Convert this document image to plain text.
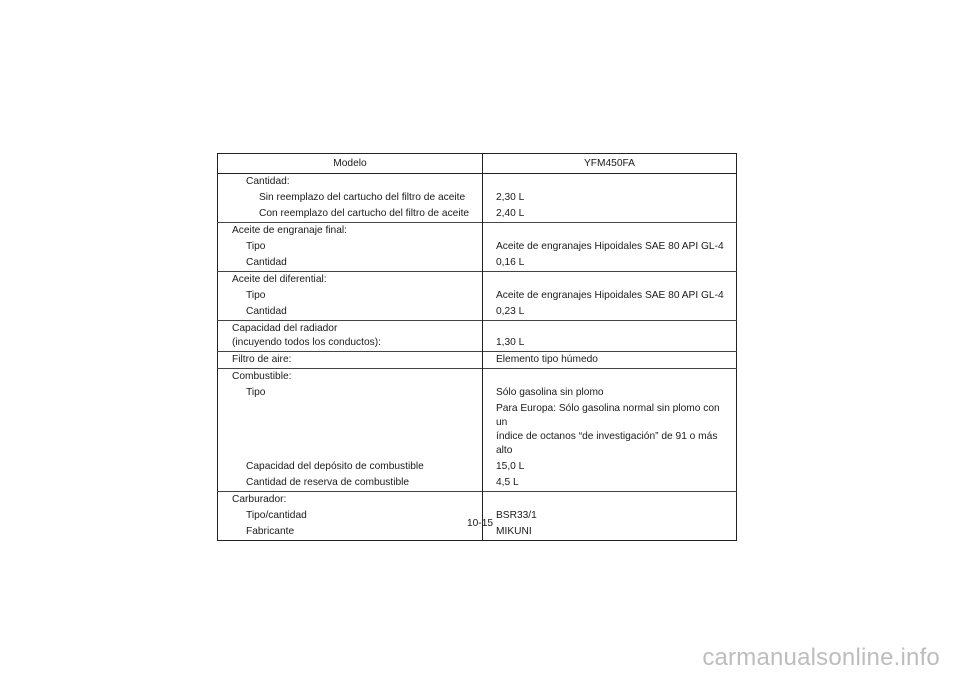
Modelo	YFM450FA

Cantidad:	

Sin reemplazo del cartucho del filtro de aceite	2,30 L

Con reemplazo del cartucho del filtro de aceite	2,40 L

Aceite de engranaje final:	

Tipo	Aceite de engranajes Hipoidales SAE 80 API GL-4

Cantidad	0,16 L

Aceite del diferential:	

Tipo	Aceite de engranajes Hipoidales SAE 80 API GL-4

Cantidad	0,23 L

Capacidad del radiador
(incuyendo todos los conductos):	1,30 L

Filtro de aire:	Elemento tipo húmedo

Combustible:	

Tipo	Sólo gasolina sin plomo

	Para Europa: Sólo gasolina normal sin plomo con un
índice de octanos “de investigación” de 91 o más alto

Capacidad del depósito de combustible	15,0 L

Cantidad de reserva de combustible	4,5 L

Carburador:	

Tipo/cantidad	BSR33/1

Fabricante	MIKUNI
10-15
carmanualsonline.info
